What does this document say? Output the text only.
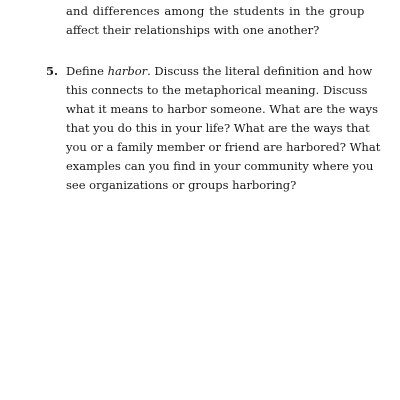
and differences among the students in the group
affect their relationships with one another?
5. Define harbor. Discuss the literal definition and how
this connects to the metaphorical meaning. Discuss
what it means to harbor someone. What are the ways
that you do this in your life? What are the ways that
you or a family member or friend are harbored? What
examples can you find in your community where you
see organizations or groups harboring?
